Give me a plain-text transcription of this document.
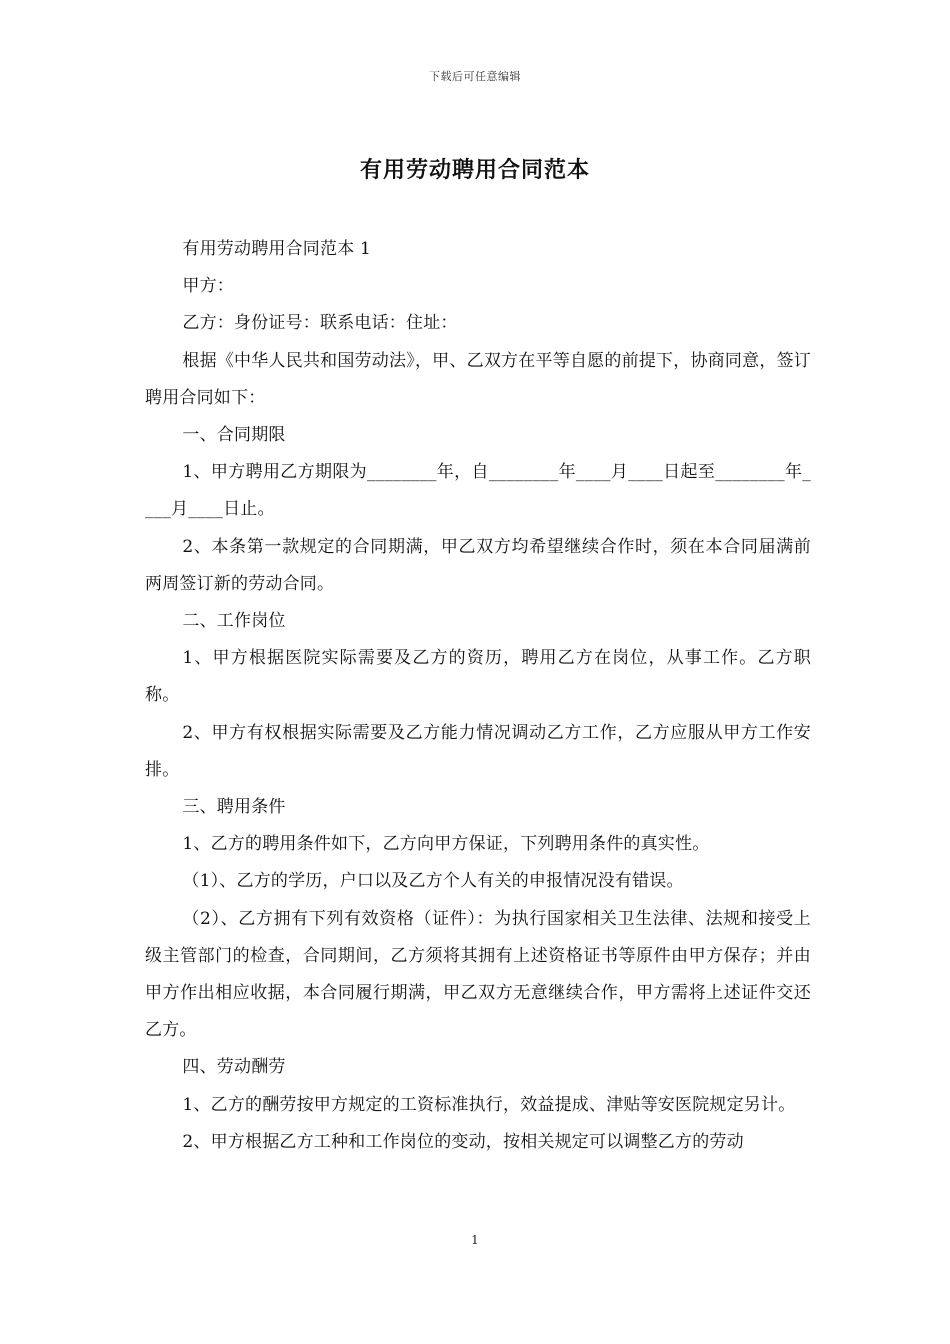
下载后可任意编辑
有用劳动聘用合同范本

有用劳动聘用合同范本 1

甲方：

乙方：身份证号：联系电话：住址：

根据《中华人民共和国劳动法》，甲、乙双方在平等自愿的前提下，协商同意，签订聘用合同如下：

一、合同期限

1、甲方聘用乙方期限为________年，自________年____月____日起至________年____月____日止。

2、本条第一款规定的合同期满，甲乙双方均希望继续合作时，须在本合同届满前两周签订新的劳动合同。

二、工作岗位

1、甲方根据医院实际需要及乙方的资历，聘用乙方在岗位，从事工作。乙方职称。

2、甲方有权根据实际需要及乙方能力情况调动乙方工作，乙方应服从甲方工作安排。

三、聘用条件

1、乙方的聘用条件如下，乙方向甲方保证，下列聘用条件的真实性。

（1）、乙方的学历，户口以及乙方个人有关的申报情况没有错误。

（2）、乙方拥有下列有效资格（证件）：为执行国家相关卫生法律、法规和接受上级主管部门的检查，合同期间，乙方须将其拥有上述资格证书等原件由甲方保存；并由甲方作出相应收据，本合同履行期满，甲乙双方无意继续合作，甲方需将上述证件交还乙方。

四、劳动酬劳

1、乙方的酬劳按甲方规定的工资标准执行，效益提成、津贴等安医院规定另计。

2、甲方根据乙方工种和工作岗位的变动，按相关规定可以调整乙方的劳动

1
